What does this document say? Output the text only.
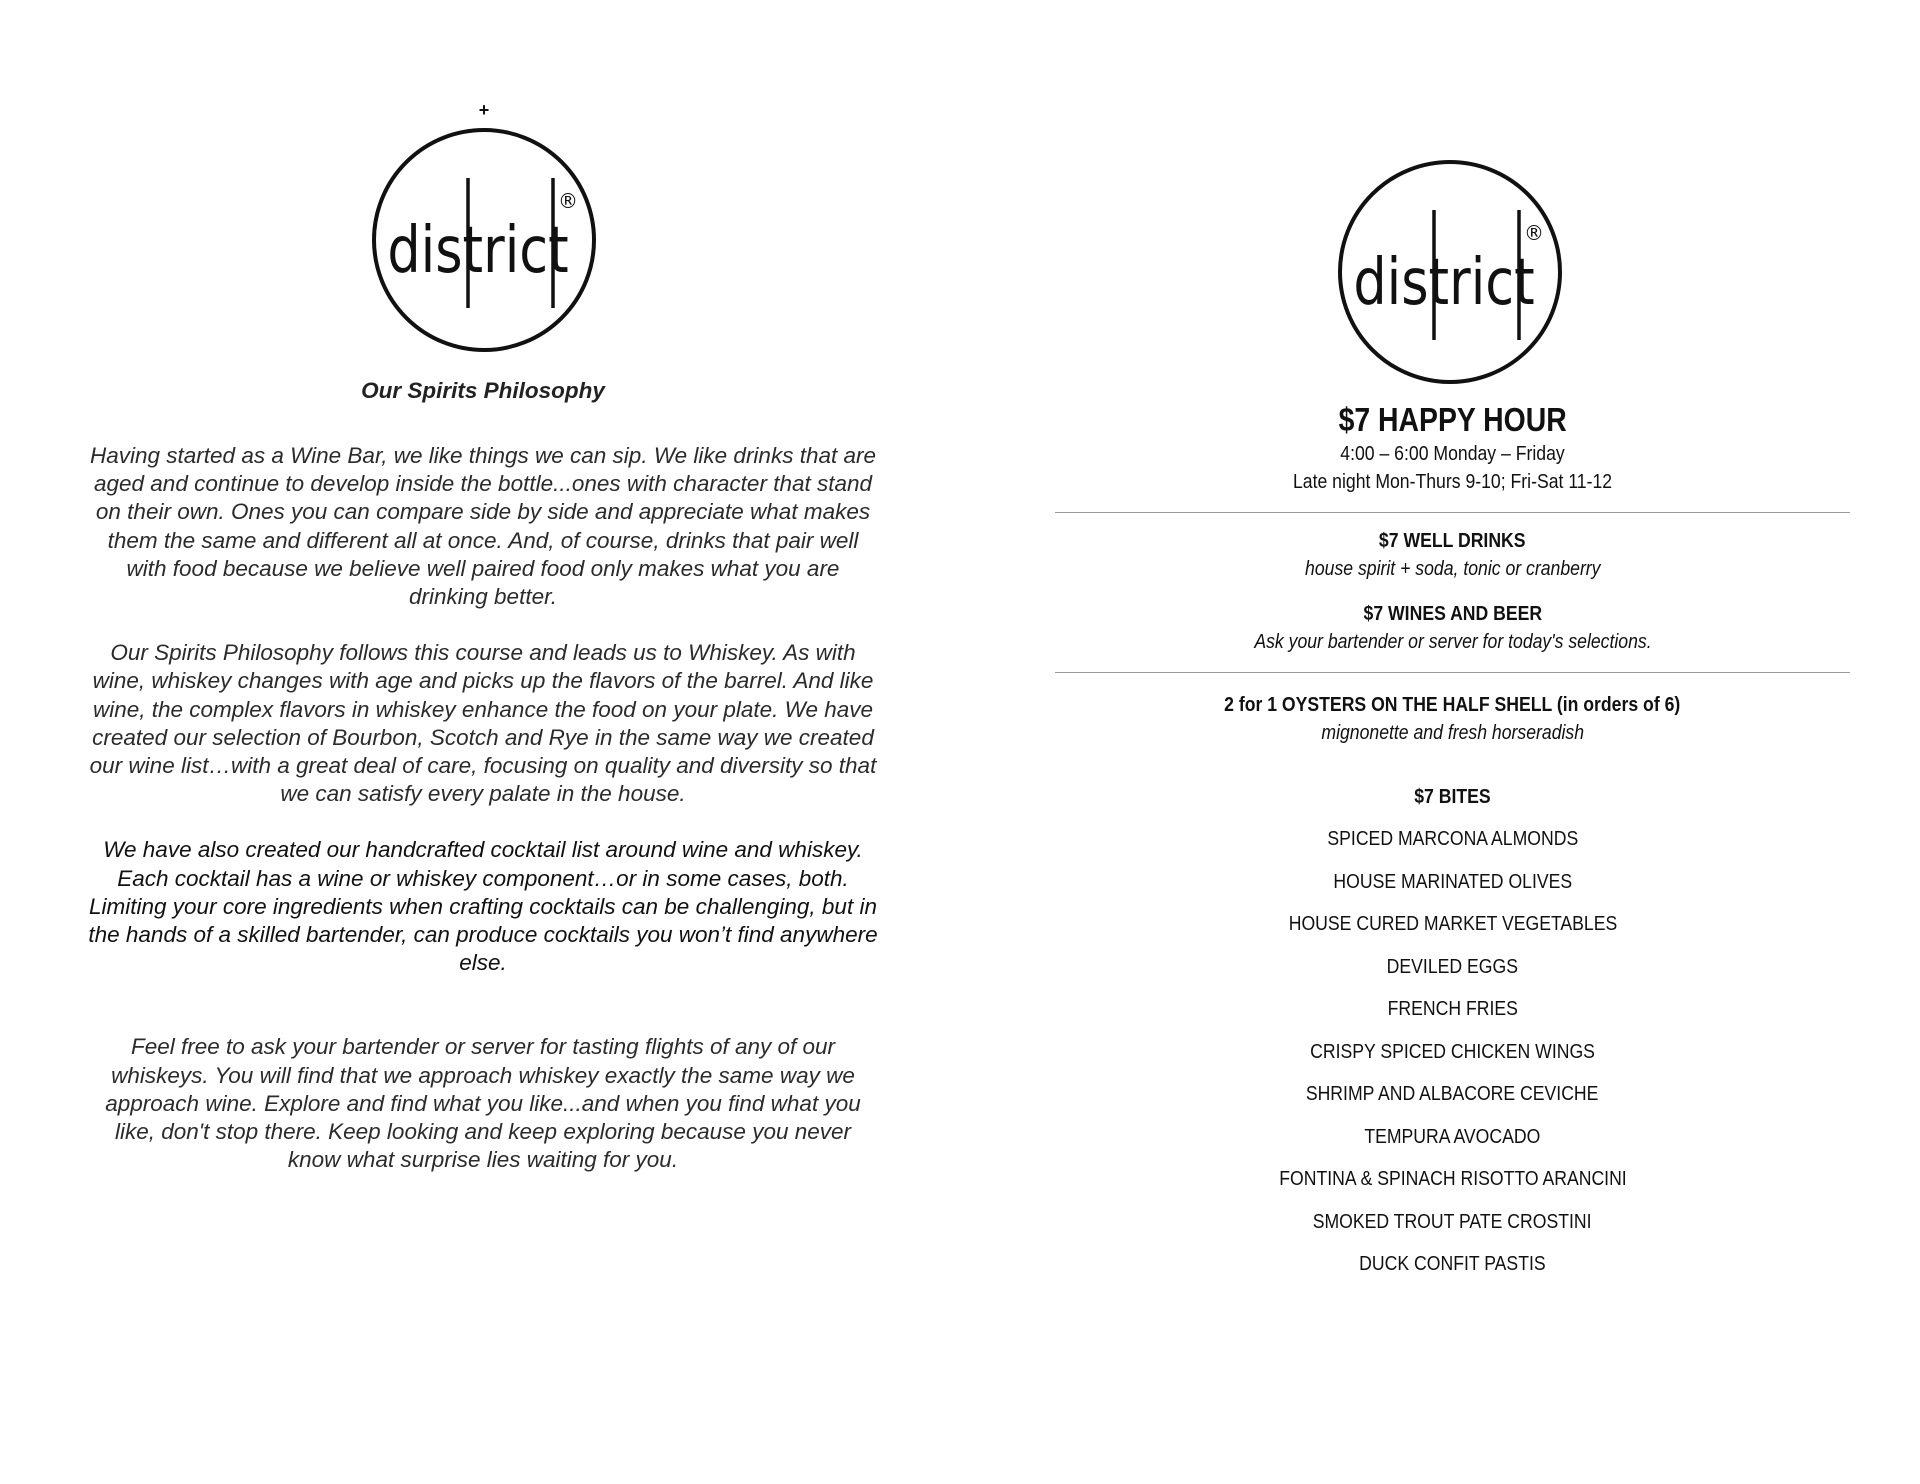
+
district
®
district
®

Our Spirits Philosophy

Having started as a Wine Bar, we like things we can sip. We like drinks that are aged and continue to develop inside the bottle...ones with character that stand on their own. Ones you can compare side by side and appreciate what makes them the same and different all at once. And, of course, drinks that pair well with food because we believe well paired food only makes what you are drinking better.

Our Spirits Philosophy follows this course and leads us to Whiskey. As with wine, whiskey changes with age and picks up the flavors of the barrel. And like wine, the complex flavors in whiskey enhance the food on your plate. We have created our selection of Bourbon, Scotch and Rye in the same way we created our wine list…with a great deal of care, focusing on quality and diversity so that we can satisfy every palate in the house.

We have also created our handcrafted cocktail list around wine and whiskey. Each cocktail has a wine or whiskey component…or in some cases, both. Limiting your core ingredients when crafting cocktails can be challenging, but in the hands of a skilled bartender, can produce cocktails you won’t find anywhere else.

Feel free to ask your bartender or server for tasting flights of any of our whiskeys. You will find that we approach whiskey exactly the same way we approach wine. Explore and find what you like...and when you find what you like, don't stop there. Keep looking and keep exploring because you never know what surprise lies waiting for you.

$7 HAPPY HOUR

4:00 – 6:00 Monday – Friday

Late night Mon-Thurs 9-10; Fri-Sat 11-12

$7 WELL DRINKS

house spirit + soda, tonic or cranberry

$7 WINES AND BEER

Ask your bartender or server for today's selections.

2 for 1 OYSTERS ON THE HALF SHELL (in orders of 6)

mignonette and fresh horseradish

$7 BITES

SPICED MARCONA ALMONDS
HOUSE MARINATED OLIVES
HOUSE CURED MARKET VEGETABLES
DEVILED EGGS
FRENCH FRIES
CRISPY SPICED CHICKEN WINGS
SHRIMP AND ALBACORE CEVICHE
TEMPURA AVOCADO
FONTINA & SPINACH RISOTTO ARANCINI
SMOKED TROUT PATE CROSTINI
DUCK CONFIT PASTIS
